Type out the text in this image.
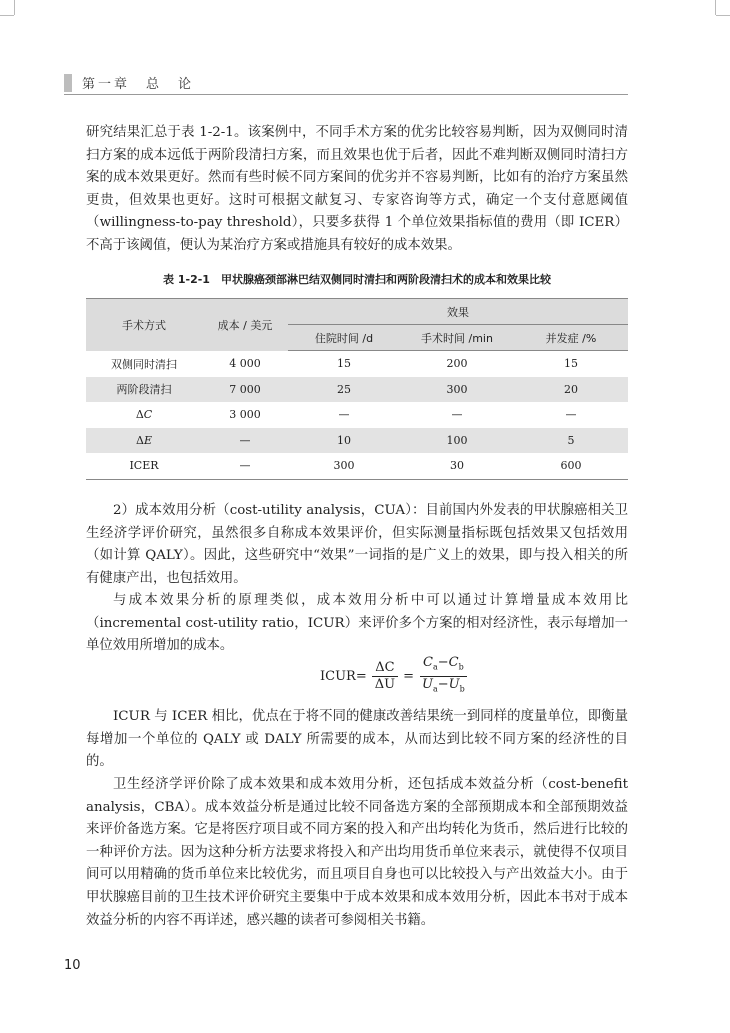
第一章　总　论

研究结果汇总于表 1-2-1。该案例中，不同手术方案的优劣比较容易判断，因为双侧同时清扫方案的成本远低于两阶段清扫方案，而且效果也优于后者，因此不难判断双侧同时清扫方案的成本效果更好。然而有些时候不同方案间的优劣并不容易判断，比如有的治疗方案虽然更贵，但效果也更好。这时可根据文献复习、专家咨询等方式，确定一个支付意愿阈值（willingness-to-pay threshold），只要多获得 1 个单位效果指标值的费用（即 ICER）不高于该阈值，便认为某治疗方案或措施具有较好的成本效果。

表 1-2-1　甲状腺癌颈部淋巴结双侧同时清扫和两阶段清扫术的成本和效果比较
手术方式	成本 / 美元	效果		
		住院时间 /d	手术时间 /min	并发症 /%
双侧同时清扫	4 000	15	200	15
两阶段清扫	7 000	25	300	20
ΔC	3 000	—	—	—
ΔE	—	10	100	5
ICER	—	300	30	600

2）成本效用分析（cost-utility analysis，CUA）：目前国内外发表的甲状腺癌相关卫生经济学评价研究，虽然很多自称成本效果评价，但实际测量指标既包括效果又包括效用（如计算 QALY）。因此，这些研究中“效果”一词指的是广义上的效果，即与投入相关的所有健康产出，也包括效用。

与成本效果分析的原理类似，成本效用分析中可以通过计算增量成本效用比（incremental cost-utility ratio，ICUR）来评价多个方案的相对经济性，表示每增加一单位效用所增加的成本。

ICUR= $\frac{\Delta C}{\Delta U} = \frac{C_a-C_b}{U_a-U_b}$

ICUR 与 ICER 相比，优点在于将不同的健康改善结果统一到同样的度量单位，即衡量每增加一个单位的 QALY 或 DALY 所需要的成本，从而达到比较不同方案的经济性的目的。

卫生经济学评价除了成本效果和成本效用分析，还包括成本效益分析（cost-benefit analysis，CBA）。成本效益分析是通过比较不同备选方案的全部预期成本和全部预期效益来评价备选方案。它是将医疗项目或不同方案的投入和产出均转化为货币，然后进行比较的一种评价方法。因为这种分析方法要求将投入和产出均用货币单位来表示，就使得不仅项目间可以用精确的货币单位来比较优劣，而且项目自身也可以比较投入与产出效益大小。由于甲状腺癌目前的卫生技术评价研究主要集中于成本效果和成本效用分析，因此本书对于成本效益分析的内容不再详述，感兴趣的读者可参阅相关书籍。

10
